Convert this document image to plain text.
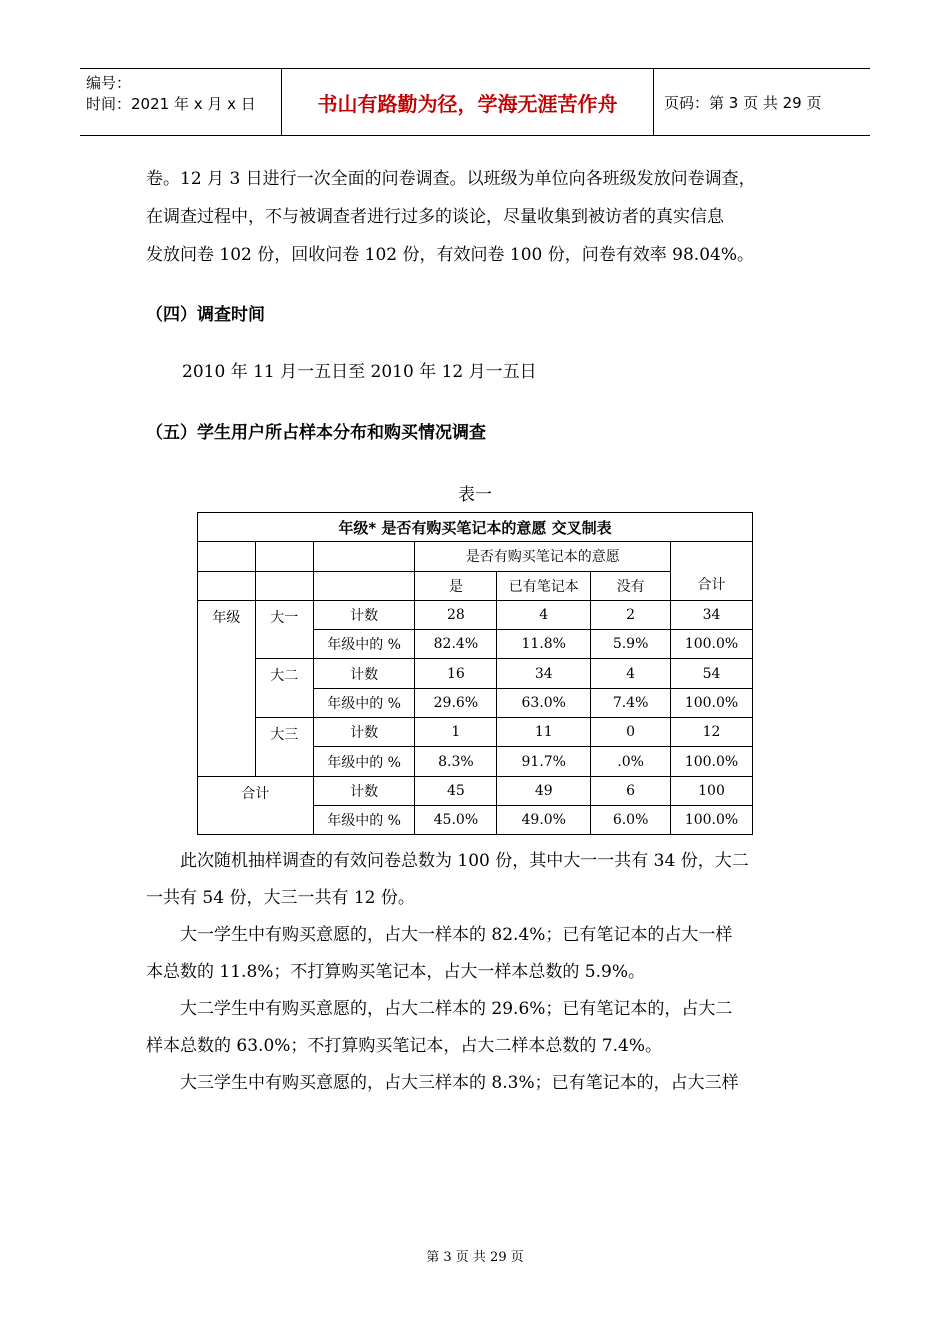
编号：
时间：2021 年 x 月 x 日	书山有路勤为径，学海无涯苦作舟	页码：第 3 页 共 29 页
卷。12 月 3 日进行一次全面的问卷调查。以班级为单位向各班级发放问卷调查，
在调查过程中，不与被调查者进行过多的谈论，尽量收集到被访者的真实信息
发放问卷 102 份，回收问卷 102 份，有效问卷 100 份，问卷有效率 98.04%。
（四）调查时间
2010 年 11 月一五日至 2010 年 12 月一五日
（五）学生用户所占样本分布和购买情况调查
表一
年级* 是否有购买笔记本的意愿 交叉制表						
			是否有购买笔记本的意愿			合计
			是	已有笔记本	没有	
年级	大一	计数	28	4	2	34
		年级中的 %	82.4%	11.8%	5.9%	100.0%
	大二	计数	16	34	4	54
		年级中的 %	29.6%	63.0%	7.4%	100.0%
	大三	计数	1	11	0	12
		年级中的 %	8.3%	91.7%	.0%	100.0%
合计		计数	45	49	6	100
		年级中的 %	45.0%	49.0%	6.0%	100.0%
　　此次随机抽样调查的有效问卷总数为 100 份，其中大一一共有 34 份，大二
一共有 54 份，大三一共有 12 份。
　　大一学生中有购买意愿的，占大一样本的 82.4%；已有笔记本的占大一样
本总数的 11.8%；不打算购买笔记本，占大一样本总数的 5.9%。
　　大二学生中有购买意愿的，占大二样本的 29.6%；已有笔记本的，占大二
样本总数的 63.0%；不打算购买笔记本，占大二样本总数的 7.4%。
　　大三学生中有购买意愿的，占大三样本的 8.3%；已有笔记本的，占大三样
第 3 页 共 29 页
